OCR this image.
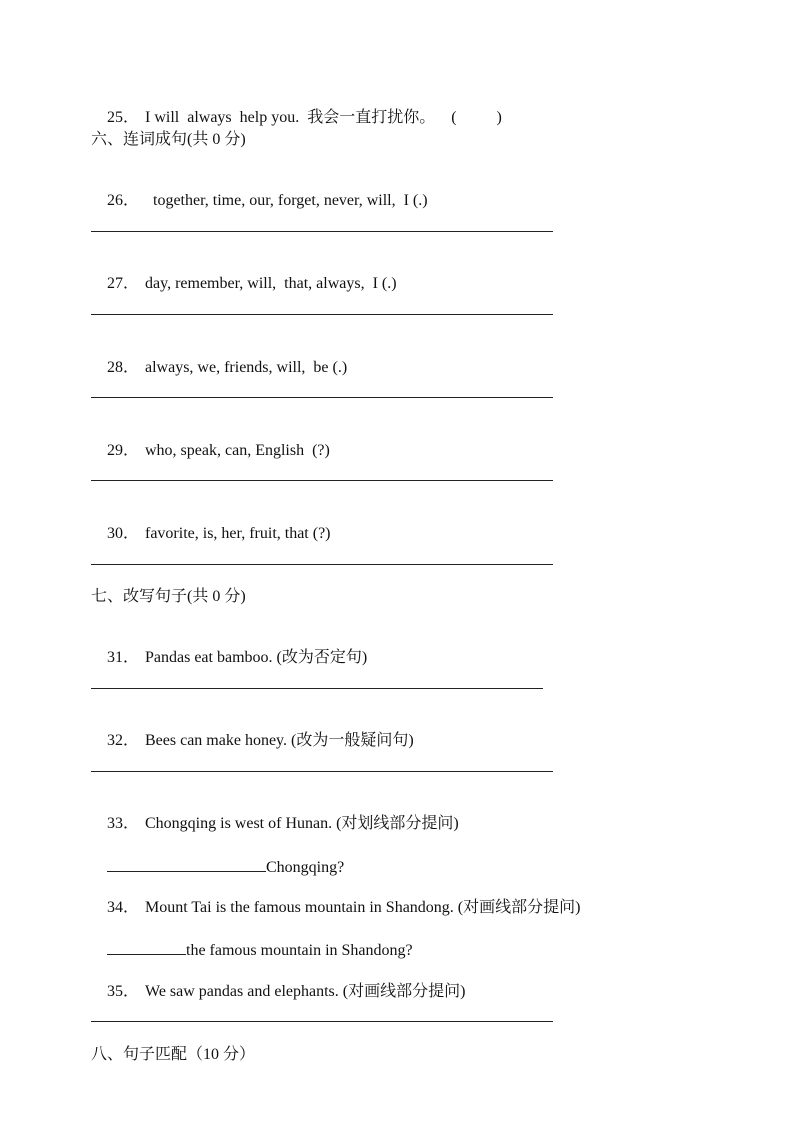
25． I will  always  help you.  我会一直打扰你。 (	)

六、连词成句(共 0 分)

26．  together, time, our, forget, never, will,  I (.)

27． day, remember, will,  that, always,  I (.)

28． always, we, friends, will,  be (.)

29． who, speak, can, English  (?)

30． favorite, is, her, fruit, that (?)

七、改写句子(共 0 分)

31． Pandas eat bamboo. (改为否定句)

32． Bees can make honey. (改为一般疑问句)

33． Chongqing is west of Hunan. (对划线部分提问)

Chongqing?

34． Mount Tai is the famous mountain in Shandong. (对画线部分提问)

the famous mountain in Shandong?

35． We saw pandas and elephants. (对画线部分提问)

八、句子匹配（10 分）
